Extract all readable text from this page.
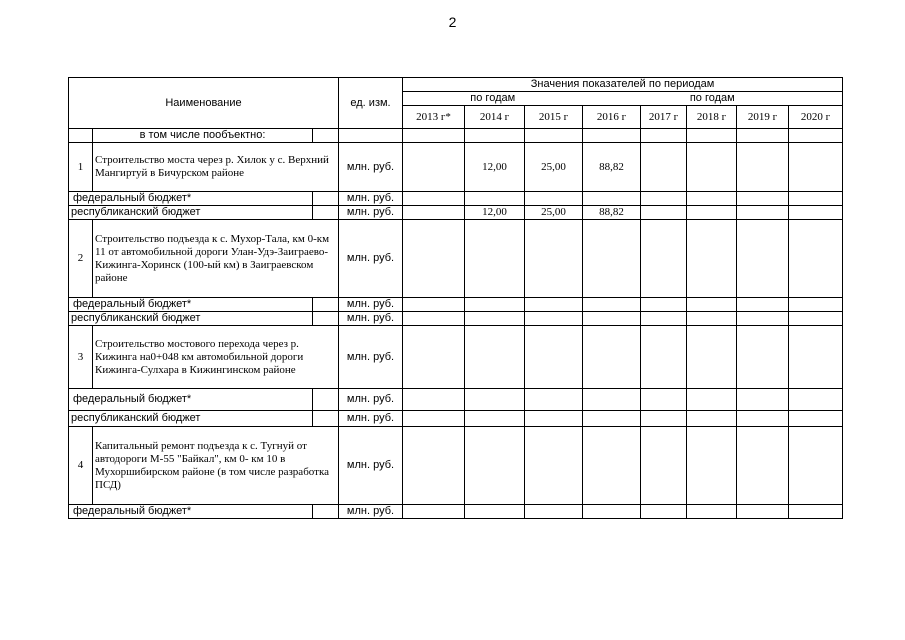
2
Наименование			ед. изм.	Значения показателей по периодам							
				по годам			по годам				
				2013 г*	2014 г	2015 г	2016 г	2017 г	2018 г	2019 г	2020 г
	в том числе пообъектно:										
1	Строительство моста через р. Хилок у с. Верхний Мангиртуй в Бичурском районе		млн. руб.		12,00	25,00	88,82				
федеральный бюджет*			млн. руб.								
республиканский бюджет			млн. руб.		12,00	25,00	88,82				
2	Строительство подъезда к с. Мухор-Тала, км 0-км 11 от автомобильной дороги Улан-Удэ-Заиграево-Кижинга-Хоринск (100-ый км) в Заиграевском районе		млн. руб.								
федеральный бюджет*			млн. руб.								
республиканский бюджет			млн. руб.								
3	Строительство мостового перехода через р. Кижинга на0+048 км автомобильной дороги Кижинга-Сулхара в Кижингинском районе		млн. руб.								
федеральный бюджет*			млн. руб.								
республиканский бюджет			млн. руб.								
4	Капитальный ремонт подъезда к с. Тугнуй от автодороги М-55 "Байкал", км 0- км 10 в Мухоршибирском районе (в том числе разработка ПСД)		млн. руб.								
федеральный бюджет*			млн. руб.								
